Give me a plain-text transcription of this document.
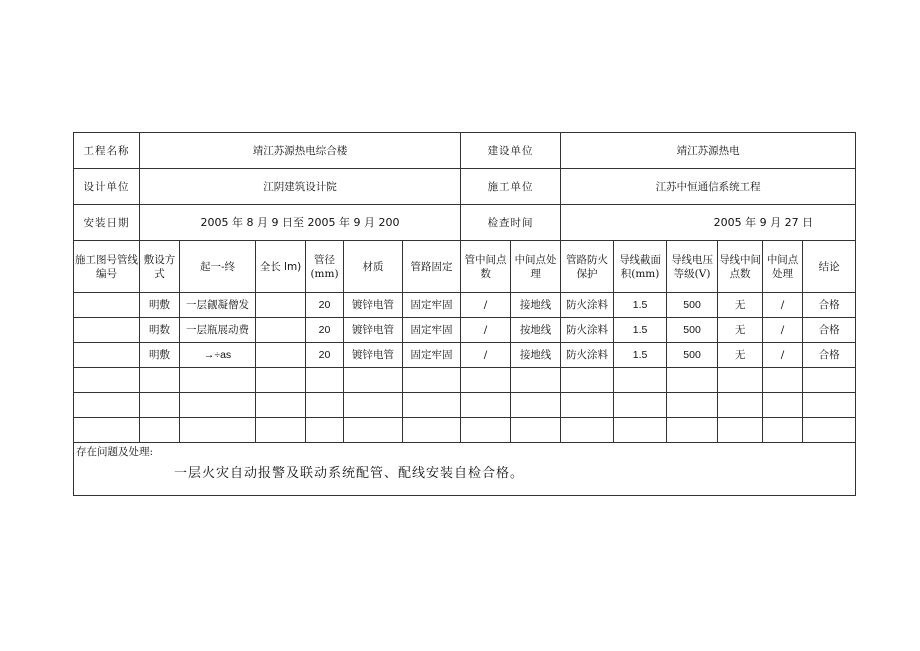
工程名称	靖江苏源热电综合楼						建设单位		靖江苏源热电					
设计单位	江阴建筑设计院						施工单位		江苏中恒通信系统工程					
安装日期	2005 年 8 月 9 日至 2005 年 9 月 200						检查时间		2005 年 9 月 27 日					
施工图号管线编号	敷设方式	起一-终	全长 lm)	管径(mm)	材质	管路固定	管中间点数	中间点处理	管路防火保护	导线截面积(mm)	导线电压等级(V)	导线中间点数	中间点处理	结论
	明敷	一层觎凝僧发		20	镀锌电管	固定牢固	/	接地线	防火涂料	1.5	500	无	/	合格
	明数	一层瓶展动费		20	镀锌电管	固定牢固	/	按地线	防火涂料	1.5	500	无	/	合格
	明敷	→÷as		20	镀锌电管	固定牢固	/	接地线	防火涂料	1.5	500	无	/	合格

存在问题及处理:
一层火灾自动报警及联动系统配管、配线安装自检合格。														
